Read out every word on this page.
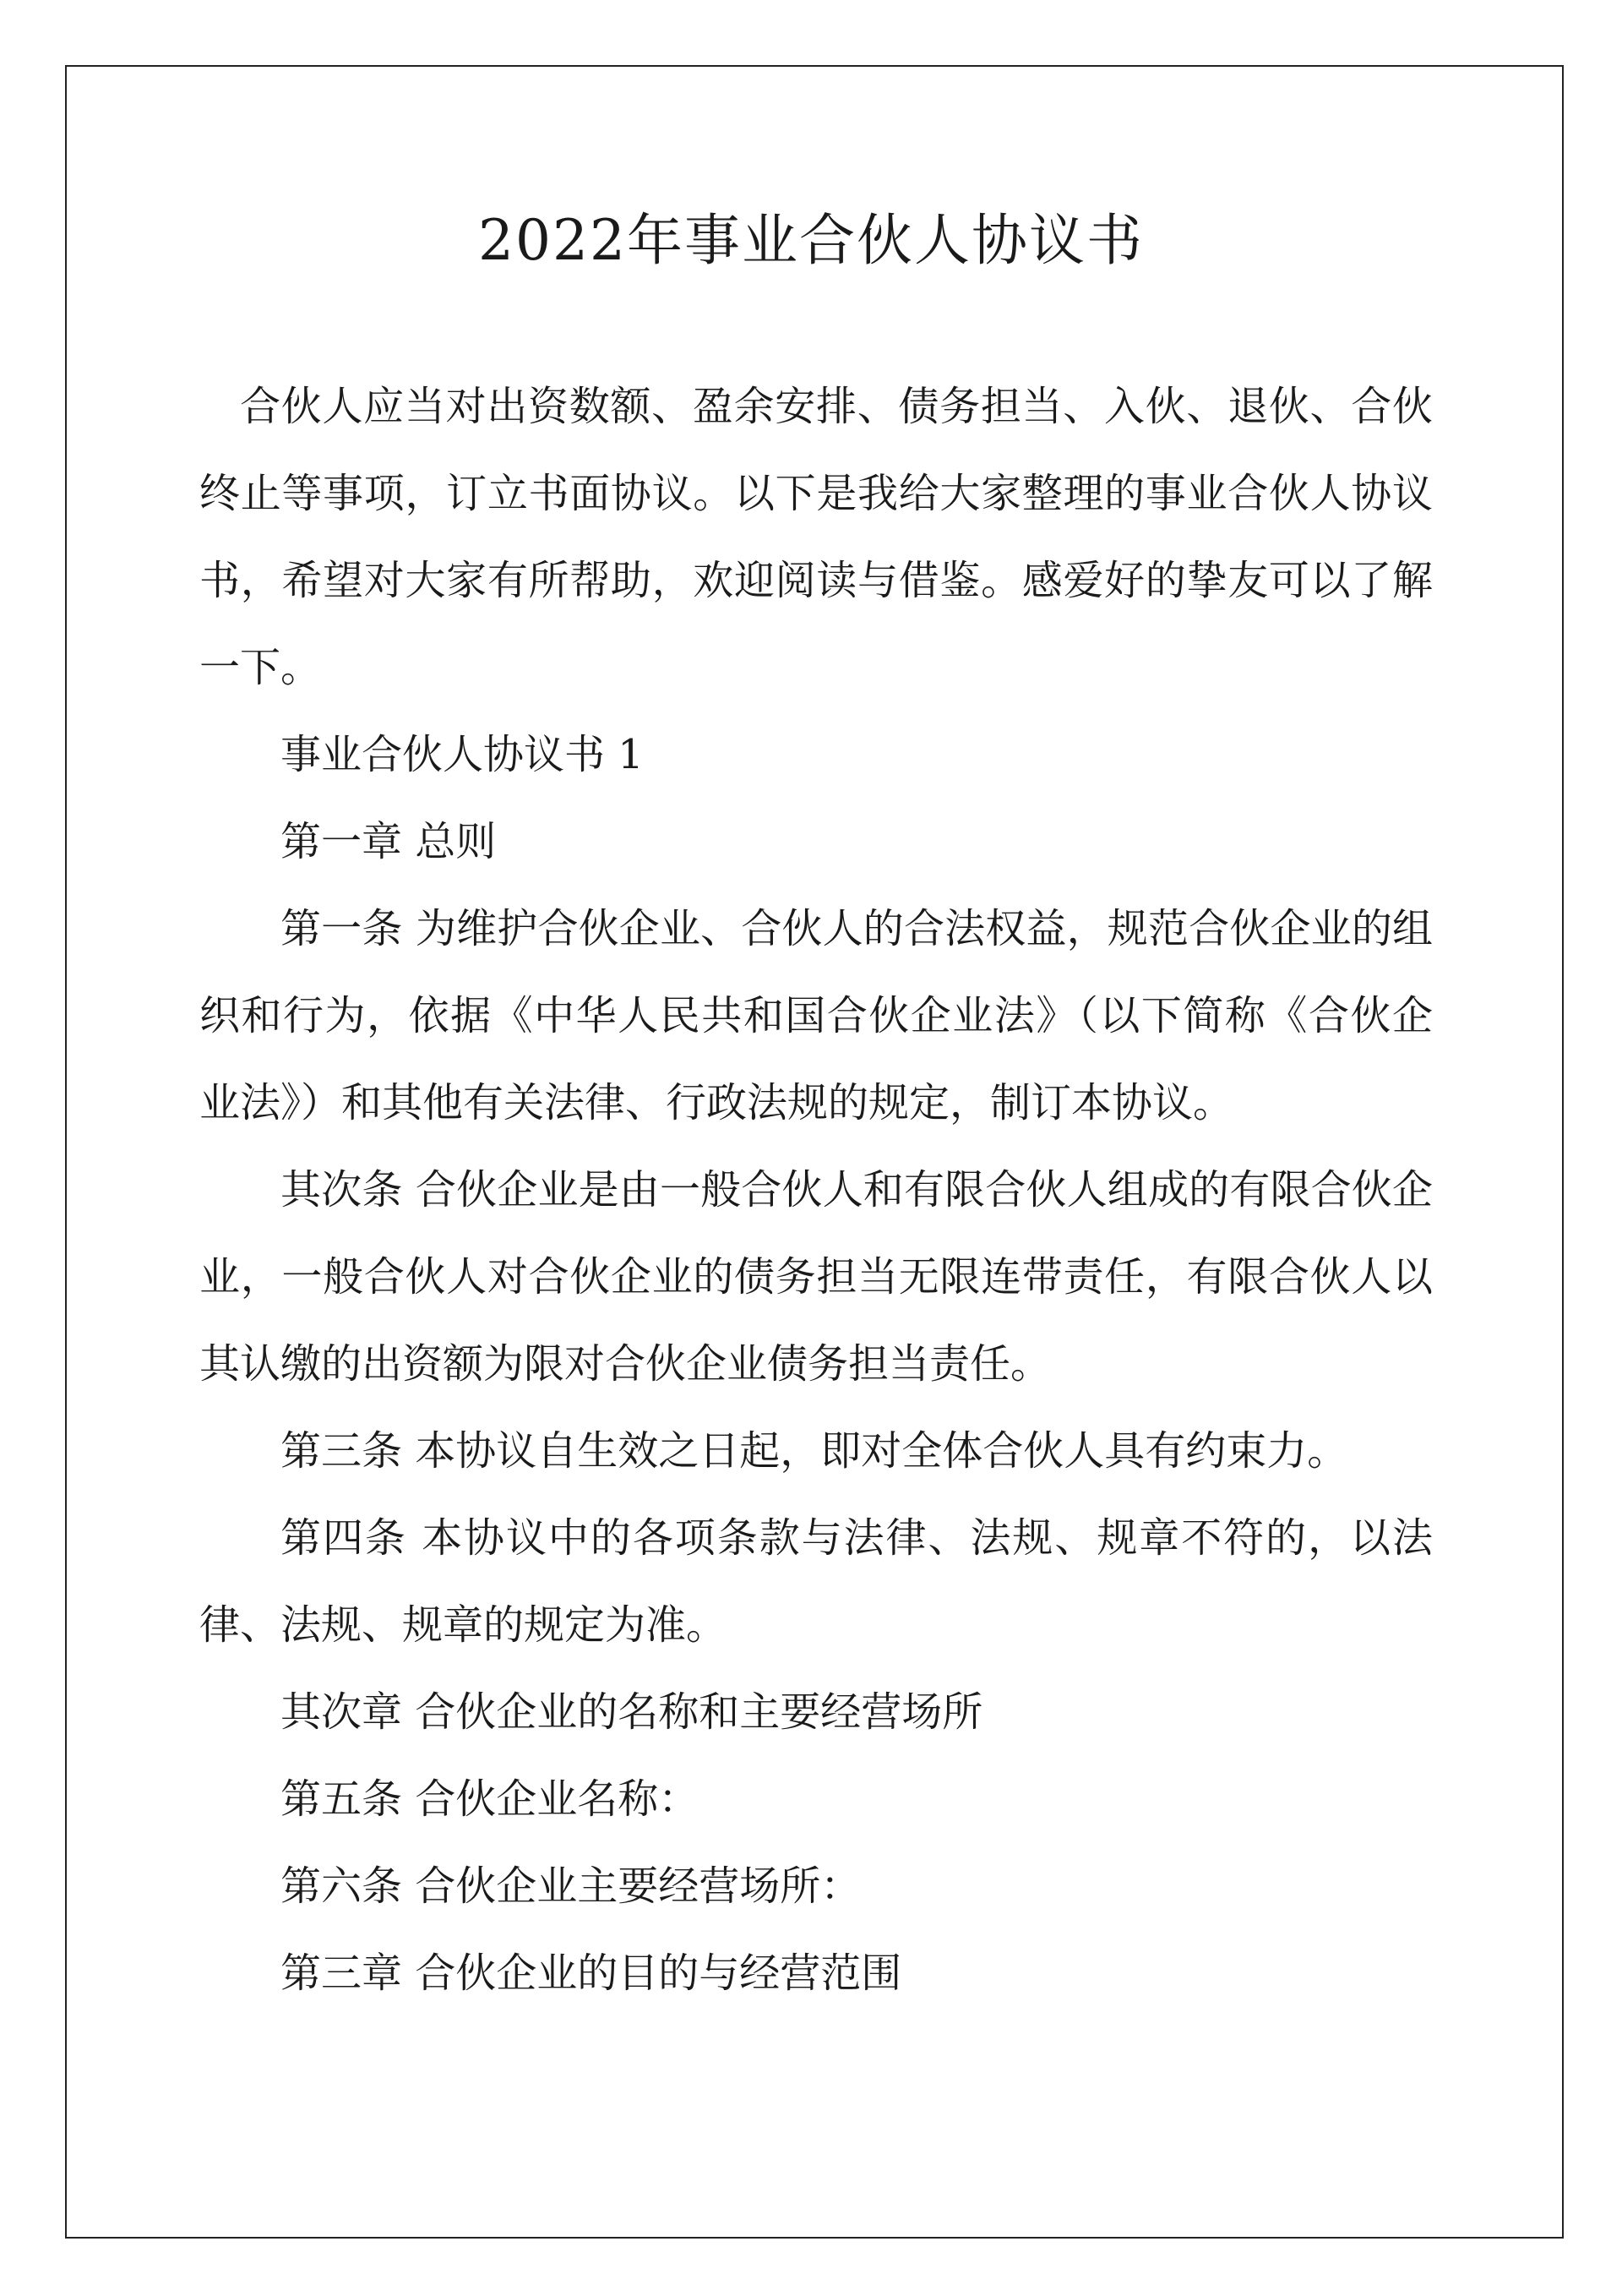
2022年事业合伙人协议书

合伙人应当对出资数额、盈余安排、债务担当、入伙、退伙、合伙终止等事项，订立书面协议。以下是我给大家整理的事业合伙人协议书，希望对大家有所帮助，欢迎阅读与借鉴。感爱好的挚友可以了解一下。

事业合伙人协议书 1

第一章 总则

第一条 为维护合伙企业、合伙人的合法权益，规范合伙企业的组织和行为，依据《中华人民共和国合伙企业法》（以下简称《合伙企业法》）和其他有关法律、行政法规的规定，制订本协议。

其次条 合伙企业是由一般合伙人和有限合伙人组成的有限合伙企业，一般合伙人对合伙企业的债务担当无限连带责任，有限合伙人以其认缴的出资额为限对合伙企业债务担当责任。

第三条 本协议自生效之日起，即对全体合伙人具有约束力。

第四条 本协议中的各项条款与法律、法规、规章不符的，以法律、法规、规章的规定为准。

其次章 合伙企业的名称和主要经营场所

第五条 合伙企业名称：

第六条 合伙企业主要经营场所：

第三章 合伙企业的目的与经营范围
